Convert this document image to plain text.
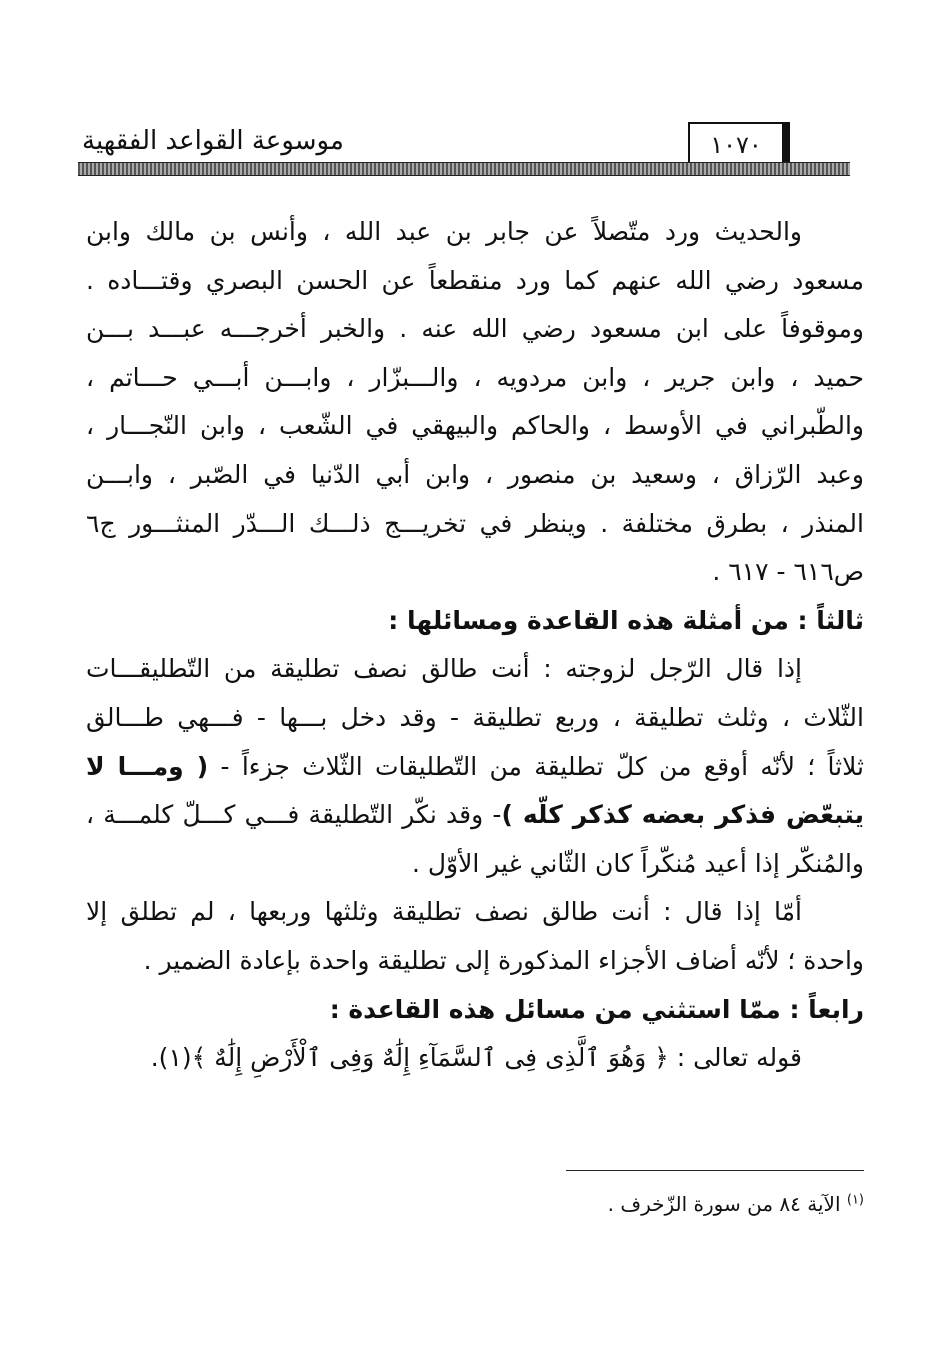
موسوعة القواعد الفقهية	١٠٧٠
والحديث ورد متّصلاً عن جابر بن عبد الله ، وأنس بن مالك وابن
مسعود رضي الله عنهم كما ورد منقطعاً عن الحسن البصري وقتـــاده .
وموقوفاً على ابن مسعود رضي الله عنه . والخبر أخرجـــه عبـــد بـــن
حميد ، وابن جرير ، وابن مردويه ، والـــبزّار ، وابـــن أبـــي حـــاتم ،
والطّبراني في الأوسط ، والحاكم والبيهقي في الشّعب ، وابن النّجـــار ،
وعبد الرّزاق ، وسعيد بن منصور ، وابن أبي الدّنيا في الصّبر ، وابـــن
المنذر ، بطرق مختلفة . وينظر في تخريـــج ذلـــك الـــدّر المنثـــور ج٦
ص٦١٦ - ٦١٧ .
ثالثاً : من أمثلة هذه القاعدة ومسائلها :
إذا قال الرّجل لزوجته : أنت طالق نصف تطليقة من التّطليقـــات
الثّلاث ، وثلث تطليقة ، وربع تطليقة - وقد دخل بـــها - فـــهي طـــالق
ثلاثاً ؛ لأنّه أوقع من كلّ تطليقة من التّطليقات الثّلاث جزءاً - ( ومـــا لا
يتبعّض فذكر بعضه كذكر كلّه )- وقد نكّر التّطليقة فـــي كـــلّ كلمـــة ،
والمُنكّر إذا أعيد مُنكّراً كان الثّاني غير الأوّل .
أمّا إذا قال : أنت طالق نصف تطليقة وثلثها وربعها ، لم تطلق إلا
واحدة ؛ لأنّه أضاف الأجزاء المذكورة إلى تطليقة واحدة بإعادة الضمير .
رابعاً : ممّا استثني من مسائل هذه القاعدة :
قوله تعالى : ﴿ وَهُوَ ٱلَّذِى فِى ٱلسَّمَآءِ إِلَٰهٌ وَفِى ٱلْأَرْضِ إِلَٰهٌ ﴾(١).
$^{(١)}$ الآية ٨٤ من سورة الزّخرف .
